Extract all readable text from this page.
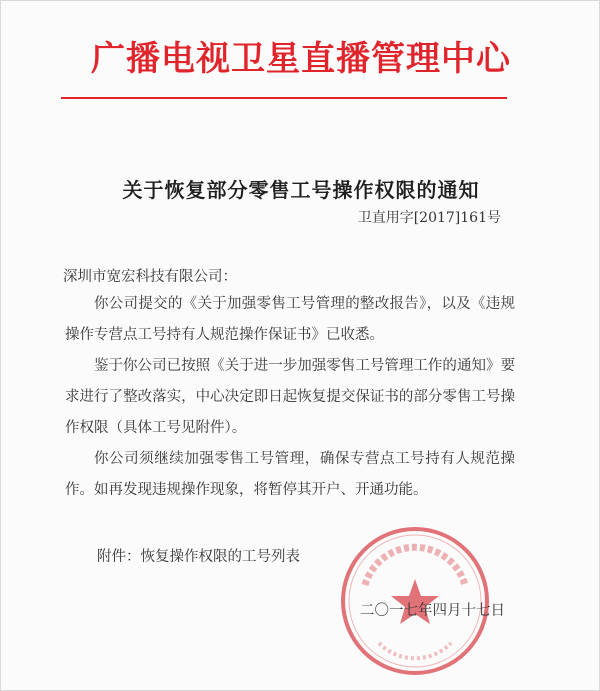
广播电视卫星直播管理中心
关于恢复部分零售工号操作权限的通知
卫直用字[2017]161号
深圳市宽宏科技有限公司：

你公司提交的《关于加强零售工号管理的整改报告》，以及《违规操作专营点工号持有人规范操作保证书》已收悉。

鉴于你公司已按照《关于进一步加强零售工号管理工作的通知》要求进行了整改落实，中心决定即日起恢复提交保证书的部分零售工号操作权限（具体工号见附件）。

你公司须继续加强零售工号管理，确保专营点工号持有人规范操作。如再发现违规操作现象，将暂停其开户、开通功能。

附件：恢复操作权限的工号列表
二〇一七年四月十七日
